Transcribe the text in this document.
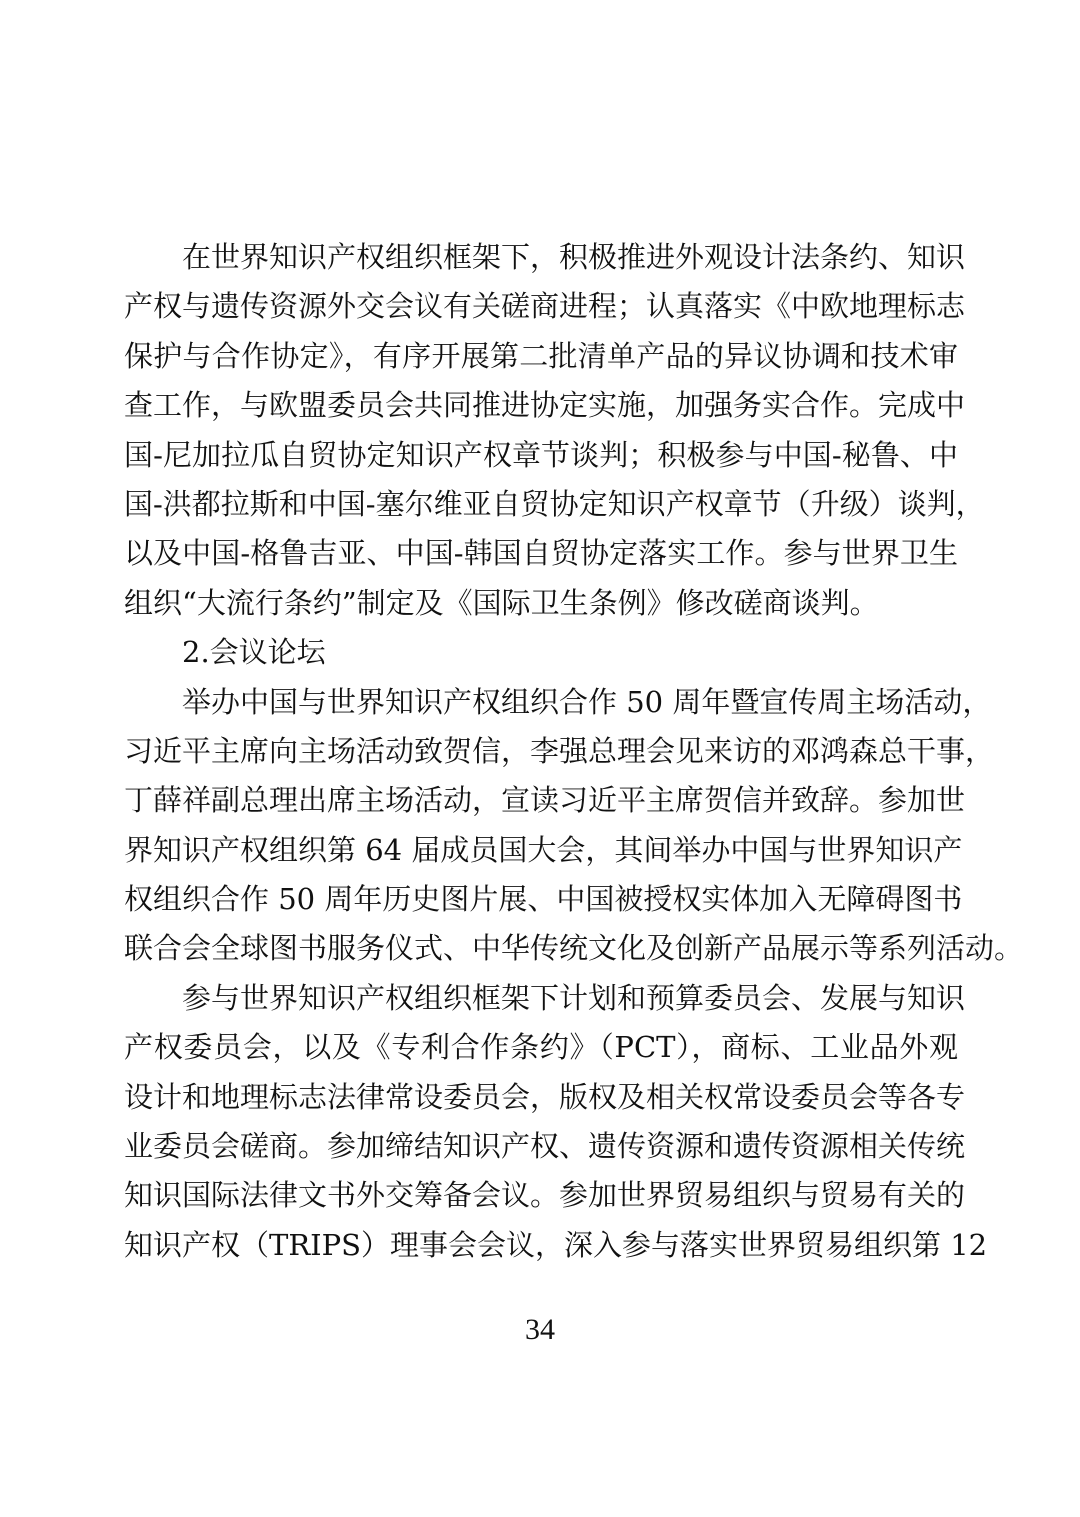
在世界知识产权组织框架下，积极推进外观设计法条约、知识
产权与遗传资源外交会议有关磋商进程；认真落实《中欧地理标志
保护与合作协定》，有序开展第二批清单产品的异议协调和技术审
查工作，与欧盟委员会共同推进协定实施，加强务实合作。完成中
国-尼加拉瓜自贸协定知识产权章节谈判；积极参与中国-秘鲁、中
国-洪都拉斯和中国-塞尔维亚自贸协定知识产权章节（升级）谈判，
以及中国-格鲁吉亚、中国-韩国自贸协定落实工作。参与世界卫生
组织“大流行条约”制定及《国际卫生条例》修改磋商谈判。
2.会议论坛
举办中国与世界知识产权组织合作 50 周年暨宣传周主场活动，
习近平主席向主场活动致贺信，李强总理会见来访的邓鸿森总干事，
丁薛祥副总理出席主场活动，宣读习近平主席贺信并致辞。参加世
界知识产权组织第 64 届成员国大会，其间举办中国与世界知识产
权组织合作 50 周年历史图片展、中国被授权实体加入无障碍图书
联合会全球图书服务仪式、中华传统文化及创新产品展示等系列活动。
参与世界知识产权组织框架下计划和预算委员会、发展与知识
产权委员会，以及《专利合作条约》（PCT），商标、工业品外观
设计和地理标志法律常设委员会，版权及相关权常设委员会等各专
业委员会磋商。参加缔结知识产权、遗传资源和遗传资源相关传统
知识国际法律文书外交筹备会议。参加世界贸易组织与贸易有关的
知识产权（TRIPS）理事会会议，深入参与落实世界贸易组织第 12
34
